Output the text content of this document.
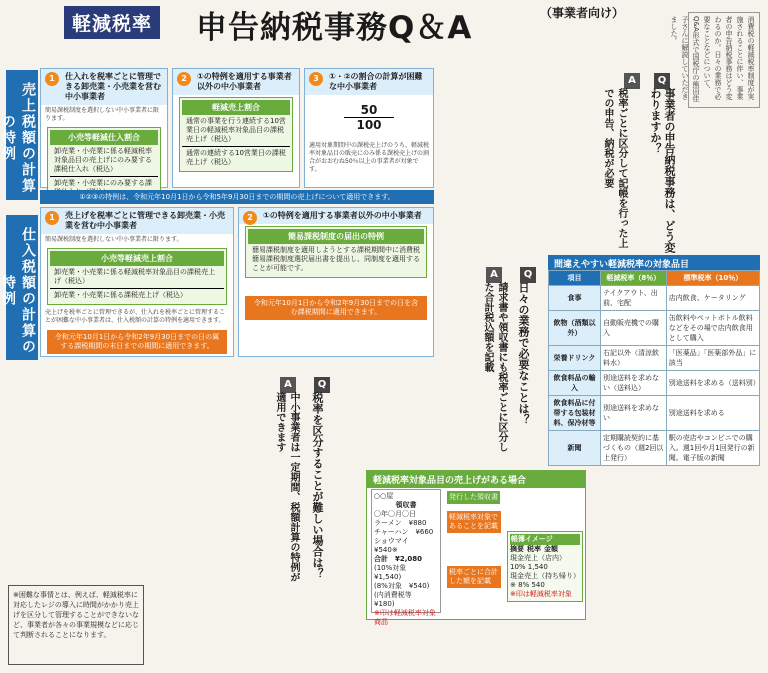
軽減税率 申告納税事務Q＆A	（事業者向け）
消費税の軽減税率制度が実施されることに伴い、事業者の申告納税事務はどう変わるのか。日々の業務で必要なことなどについて、Q&A形式で国税庁の熊田佳子さんに解説していただきました。
売上税額の計算の特例
1	仕入れを税率ごとに管理できる卸売業・小売業を営む中小事業者
簡易課税制度を選択しない中小事業者に限ります。
小売等軽減仕入割合
卸売業・小売業に係る軽減税率対象品目の売上げにのみ要する課税仕入れ（税込）
卸売業・小売業にのみ要する課
2	①の特例を適用する事業者以外の中小事業者
軽減売上割合
通常の事業を行う連続する10営業日の軽減税率対象品目の課税売上げ（税込）
通常の連続する10営業日の課税売上げ（税込）
3	①・②の割合の計算が困難な中小事業者
50
100
適用対象期間中の課税売上げのうち、軽減税率対象品目の販売にのみ係る課税売上げの割合がおおむね50％以上の事業者が対象です。
①②③の特例は、令和元年10月1日から令和5年9月30日までの期間の売上げについて適用できます。
仕入税額の計算の特例
1	売上げを税率ごとに管理できる卸売業・小売業を営む中小事業者
簡易課税制度を選択しない中小事業者に限ります。
小売等軽減売上割合
卸売業・小売業に係る軽減税率対象品目の課税売上げ（税込）
卸売業・小売業に係る課税売上げ（税込）
売上げを税率ごとに管理できるが、仕入れを税率ごとに管理することが困難な中小事業者は、仕入税額の計算の特例を適用できます。
令和元年10月1日から令和2年9月30日までの日の属する課税期間の末日までの期間に適用できます。
2	①の特例を適用する事業者以外の中小事業者
簡易課税制度の届出の特例
簡易課税制度を適用しようとする課税期間中に消費税簡易課税制度選択届出書を提出し、同制度を適用することが可能です。
令和元年10月1日から令和2年9月30日までの日を含む課税期間に適用できます。
Q
A
事業者の申告納税事務は、どう変わりますか？
税率ごとに区分して記帳を行った上での申告、納税が必要
Q
A
日々の業務で必要なことは？
請求書や領収書にも税率ごとに区分した合計税込額を記載
Q
A
税率を区分することが難しい場合は？
中小事業者は一定期間、税額計算の特例が適用できます
間違えやすい軽減税率の対象品目
項目	軽減税率（8％）	標準税率（10％）
食事	テイクアウト、出前、宅配	店内飲食、ケータリング
飲物（酒類以外）	自動販売機での購入	缶飲料やペットボトル飲料などをその場で店内飲食用として購入
栄養ドリンク	右記以外（清涼飲料水）	「医薬品」「医薬部外品」に該当
飲食料品の輸入	別途送料を求めない（送料込）	別途送料を求める（送料別）
飲食料品に付帯する包装材料、保冷材等	別途送料を求めない	別途送料を求める
新聞	定期購読契約に基づくもの（週2回以上発行）	駅の売店やコンビニでの購入。週1回や月1回発行の新聞。電子版の新聞
軽減税率対象品目の売上げがある場合
○○屋
領収書
〇年〇月〇日
ラーメン　¥880
チャーハン　¥660
ショウマイ　¥540※
合計　¥2,080
(10%対象　¥1,540)
(8%対象　¥540)
(内消費税等　¥180)
※印は軽減税率対象商品
発行した領収書
軽減税率対象であることを記載
税率ごとに合計した額を記載
帳簿イメージ
摘要 税率 金額
現金売上（店内） 10% 1,540
現金売上（持ち帰り）※ 8% 540
※印は軽減税率対象
※困難な事情とは、例えば、軽減税率に対応したレジの導入に時間がかかり売上げを区分して管理することができないなど、事業者が各々の事業規模などに応じて判断されることになります。
